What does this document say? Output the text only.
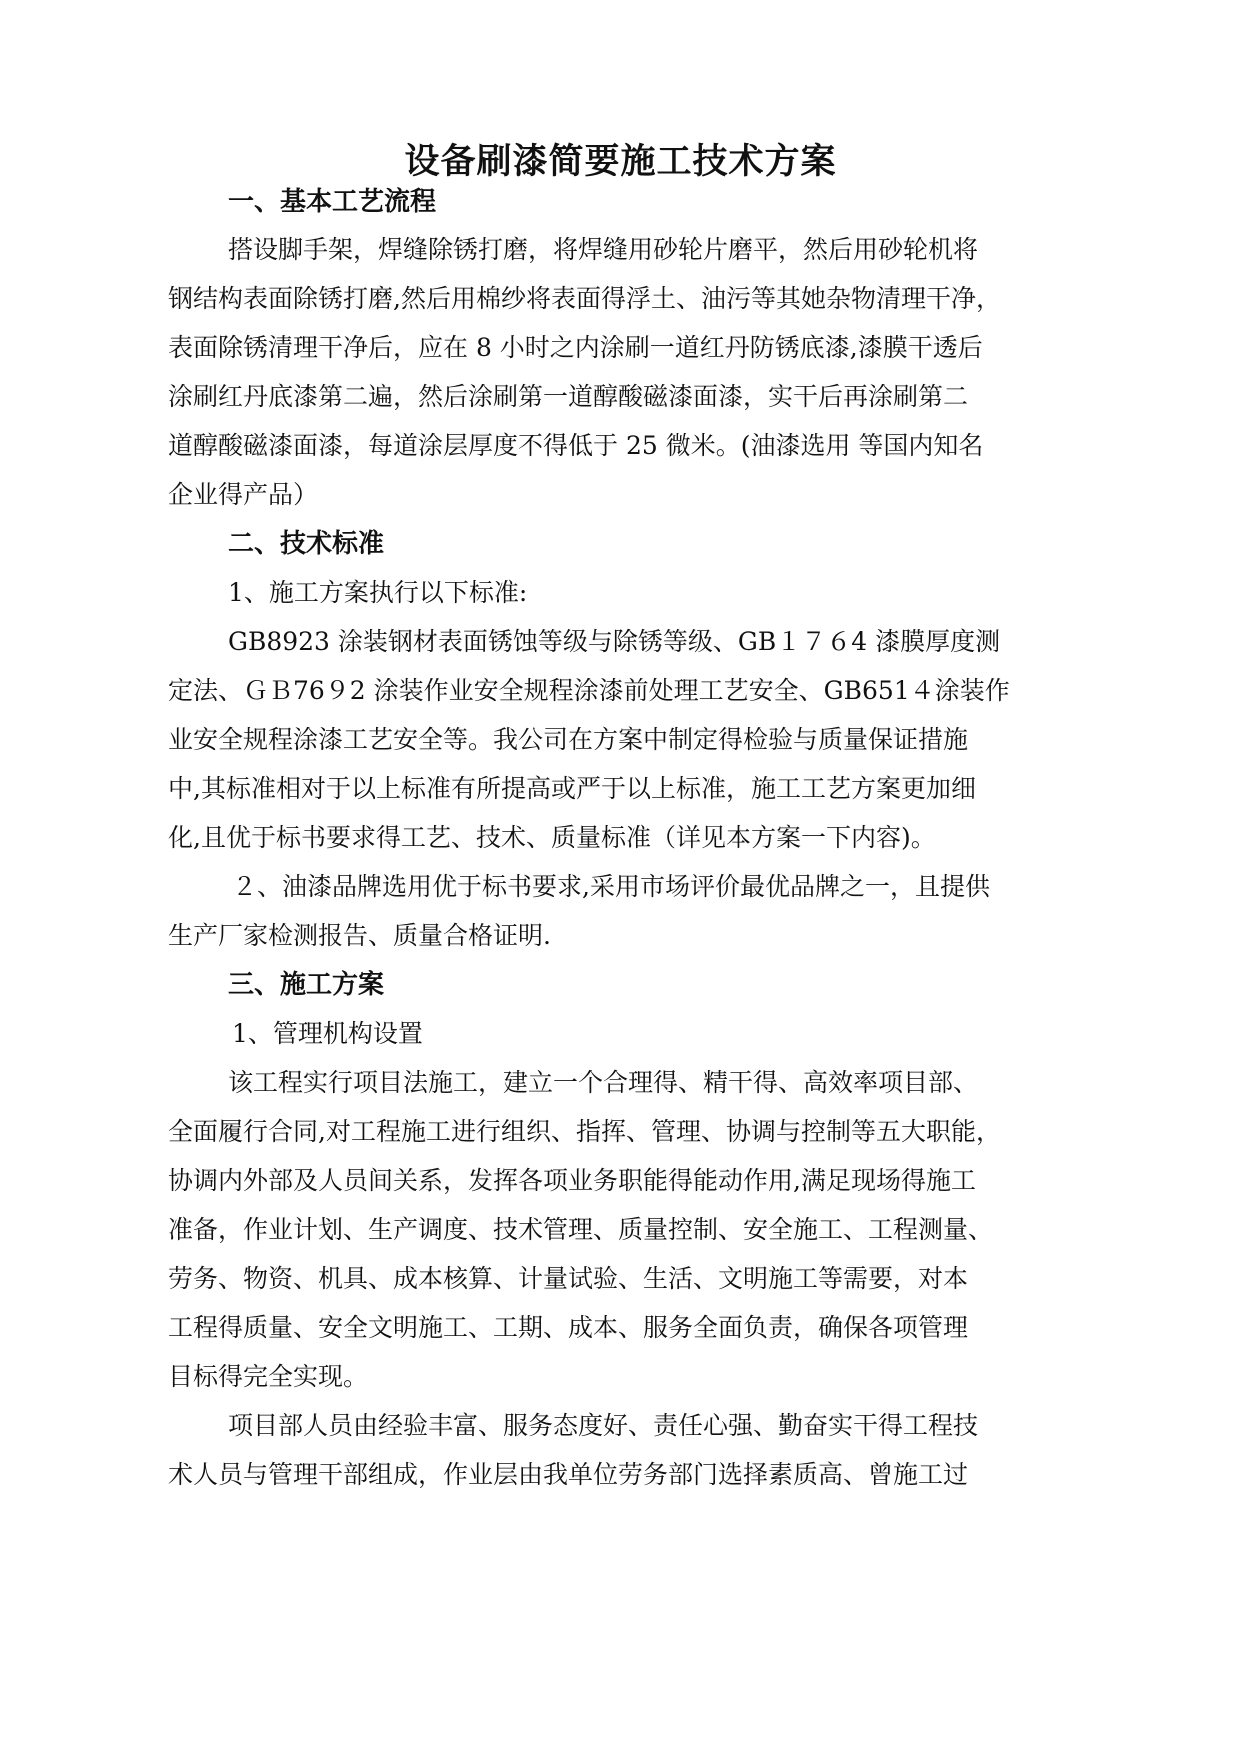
设备刷漆简要施工技术方案
一、基本工艺流程
搭设脚手架，焊缝除锈打磨，将焊缝用砂轮片磨平，然后用砂轮机将
钢结构表面除锈打磨,然后用棉纱将表面得浮土、油污等其她杂物清理干净，
表面除锈清理干净后，应在 8 小时之内涂刷一道红丹防锈底漆,漆膜干透后
涂刷红丹底漆第二遍，然后涂刷第一道醇酸磁漆面漆，实干后再涂刷第二
道醇酸磁漆面漆，每道涂层厚度不得低于 25 微米。(油漆选用 等国内知名
企业得产品）
二、技术标准
1、施工方案执行以下标准:
GB8923 涂装钢材表面锈蚀等级与除锈等级、GB１７６4 漆膜厚度测
定法、ＧＢ76９2 涂装作业安全规程涂漆前处理工艺安全、GB651４涂装作
业安全规程涂漆工艺安全等。我公司在方案中制定得检验与质量保证措施
中,其标准相对于以上标准有所提高或严于以上标准，施工工艺方案更加细
化,且优于标书要求得工艺、技术、质量标准（详见本方案一下内容)。
２、油漆品牌选用优于标书要求,采用市场评价最优品牌之一，且提供
生产厂家检测报告、质量合格证明.
三、施工方案
1、管理机构设置
该工程实行项目法施工，建立一个合理得、精干得、高效率项目部、
全面履行合同,对工程施工进行组织、指挥、管理、协调与控制等五大职能，
协调内外部及人员间关系，发挥各项业务职能得能动作用,满足现场得施工
准备，作业计划、生产调度、技术管理、质量控制、安全施工、工程测量、
劳务、物资、机具、成本核算、计量试验、生活、文明施工等需要，对本
工程得质量、安全文明施工、工期、成本、服务全面负责，确保各项管理
目标得完全实现。
项目部人员由经验丰富、服务态度好、责任心强、勤奋实干得工程技
术人员与管理干部组成，作业层由我单位劳务部门选择素质高、曾施工过
